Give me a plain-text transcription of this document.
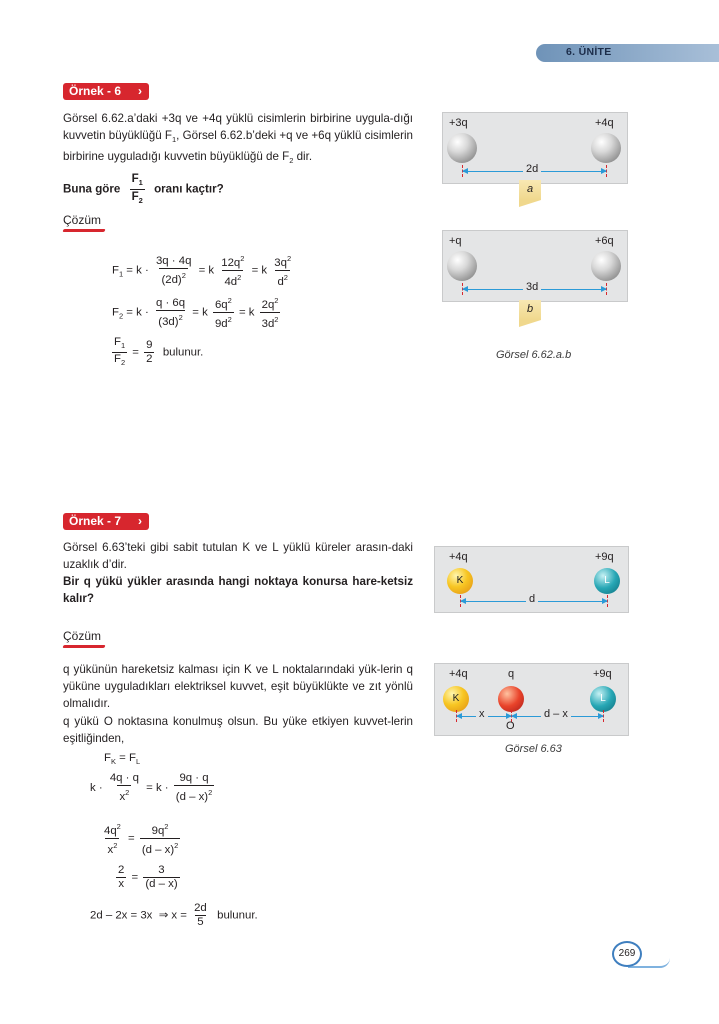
6. ÜNİTE
Örnek - 6 ›
Görsel 6.62.a’daki +3q ve +4q yüklü cisimlerin birbirine uygula-dığı kuvvetin büyüklüğü $F_1$, Görsel 6.62.b’deki +q ve +6q yüklü cisimlerin birbirine uyguladığı kuvvetin büyüklüğü de $F_2$ dir.
Buna göre $\frac{F_1}{F_2}$ oranı kaçtır?
Çözüm
$F_1 = k \cdot \frac{3q \cdot 4q}{(2d)^2} = k \frac{12q^2}{4d^2} = k \frac{3q^2}{d^2}$
$F_2 = k \cdot \frac{q \cdot 6q}{(3d)^2} = k \frac{6q^2}{9d^2} = k \frac{2q^2}{3d^2}$
$\frac{F_1}{F_2} = \frac{9}{2}$ bulunur.
+3q	+4q
2d
a
+q	+6q
3d
b
Görsel 6.62.a.b
Örnek - 7 ›
Görsel 6.63’teki gibi sabit tutulan K ve L yüklü küreler arasın-daki uzaklık d’dir.
Bir q yükü yükler arasında hangi noktaya konursa hare-ketsiz kalır?
Çözüm
q yükünün hareketsiz kalması için K ve L noktalarındaki yük-lerin q yüküne uyguladıkları elektriksel kuvvet, eşit büyüklükte ve zıt yönlü olmalıdır.
q yükü O noktasına konulmuş olsun. Bu yüke etkiyen kuvvet-lerin eşitliğinden,
$F_K = F_L$
$k \cdot \frac{4q \cdot q}{x^2} = k \cdot \frac{9q \cdot q}{(d - x)^2}$
$\frac{4q^2}{x^2} = \frac{9q^2}{(d - x)^2}$
$\frac{2}{x} = \frac{3}{(d - x)}$
2d – 2x = 3x  ⇒ $x = \frac{2d}{5}$ bulunur.
+4q	+9q
K	L
d
+4q	q	+9q
K	L
x	d – x
O
Görsel 6.63
269
